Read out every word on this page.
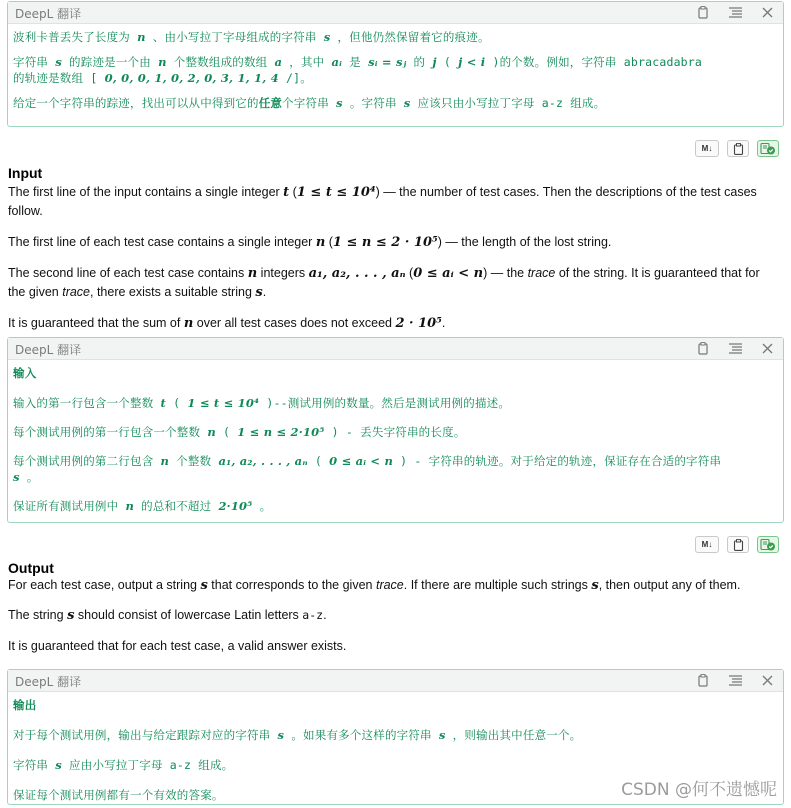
DeepL 翻译

波利卡普丢失了长度为 n 、由小写拉丁字母组成的字符串 s ，但他仍然保留着它的痕迹。

字符串 s 的踪迹是一个由 n 个整数组成的数组 a ，其中 aᵢ 是 sᵢ = sⱼ 的 j ( j < i )的个数。例如，字符串 abracadabra
的轨迹是数组 [ 0, 0, 0, 1, 0, 2, 0, 3, 1, 1, 4 /]。

给定一个字符串的踪迹，找出可以从中得到它的任意个字符串 s 。字符串 s 应该只由小写拉丁字母 a-z 组成。

M↓
Input
The first line of the input contains a single integer t (1 ≤ t ≤ 10⁴) — the number of test cases. Then the descriptions of the test cases follow.
The first line of each test case contains a single integer n (1 ≤ n ≤ 2 · 10⁵) — the length of the lost string.
The second line of each test case contains n integers a₁, a₂, . . . , aₙ (0 ≤ aᵢ < n) — the trace of the string. It is guaranteed that for the given trace, there exists a suitable string s.
It is guaranteed that the sum of n over all test cases does not exceed 2 · 10⁵.
DeepL 翻译

输入

输入的第一行包含一个整数 t ( 1 ≤ t ≤ 10⁴ )--测试用例的数量。然后是测试用例的描述。

每个测试用例的第一行包含一个整数 n ( 1 ≤ n ≤ 2·10⁵ ) - 丢失字符串的长度。

每个测试用例的第二行包含 n 个整数 a₁, a₂, . . . , aₙ ( 0 ≤ aᵢ < n ) - 字符串的轨迹。对于给定的轨迹，保证存在合适的字符串
s 。

保证所有测试用例中 n 的总和不超过 2·10⁵ 。

M↓
Output
For each test case, output a string s that corresponds to the given trace. If there are multiple such strings s, then output any of them.
The string s should consist of lowercase Latin letters a-z.
It is guaranteed that for each test case, a valid answer exists.
DeepL 翻译

输出

对于每个测试用例，输出与给定跟踪对应的字符串 s 。如果有多个这样的字符串 s ，则输出其中任意一个。

字符串 s 应由小写拉丁字母 a-z 组成。

保证每个测试用例都有一个有效的答案。	CSDN @何不遗憾呢
